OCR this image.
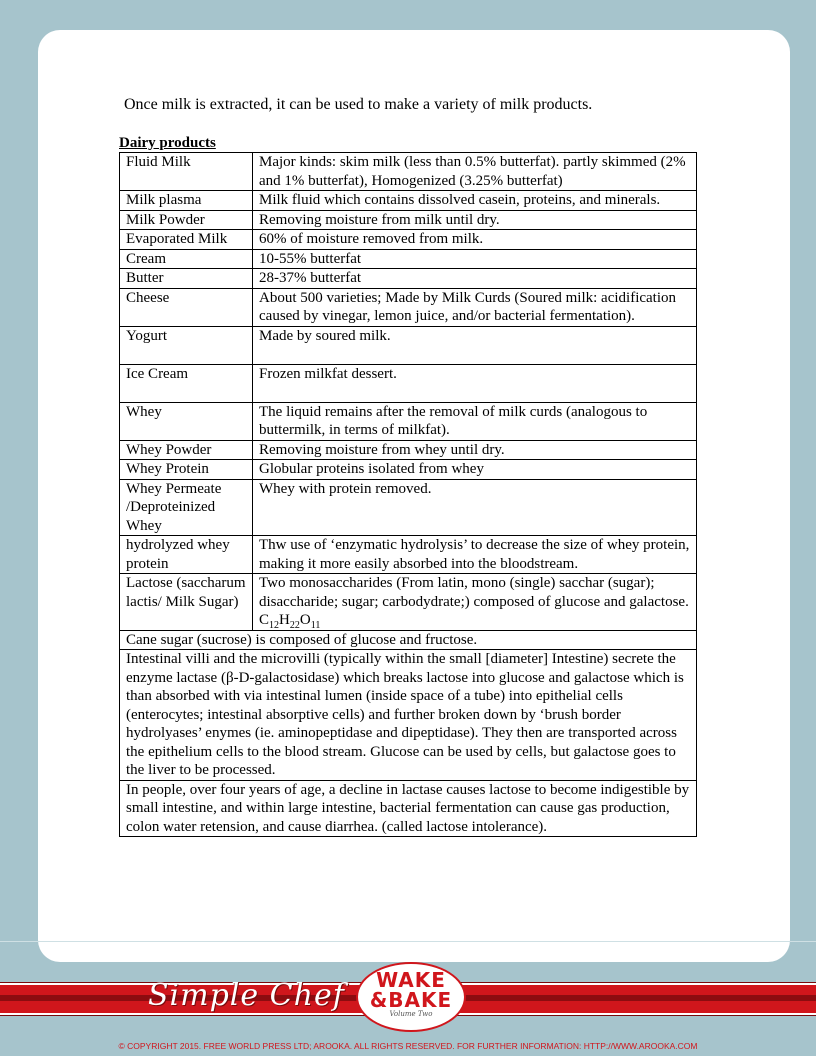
Once milk is extracted, it can be used to make a variety of milk products.

Dairy products

Fluid Milk	Major kinds: skim milk (less than 0.5% butterfat). partly skimmed (2% and 1% butterfat), Homogenized (3.25% butterfat)
Milk plasma	Milk fluid which contains dissolved casein, proteins, and minerals.
Milk Powder	Removing moisture from milk until dry.
Evaporated Milk	60% of moisture removed from milk.
Cream	10-55% butterfat
Butter	28-37% butterfat
Cheese	About 500 varieties; Made by Milk Curds (Soured milk: acidification caused by vinegar, lemon juice, and/or bacterial fermentation).
Yogurt	Made by soured milk.
Ice Cream	Frozen milkfat dessert.
Whey	The liquid remains after the removal of milk curds (analogous to buttermilk, in terms of milkfat).
Whey Powder	Removing moisture from whey until dry.
Whey Protein	Globular proteins isolated from whey
Whey Permeate /Deproteinized Whey	Whey with protein removed.
hydrolyzed whey protein	Thw use of ‘enzymatic hydrolysis’ to decrease the size of whey protein, making it more easily absorbed into the bloodstream.
Lactose (saccharum lactis/ Milk Sugar)	Two monosaccharides (From latin, mono (single) sacchar (sugar); disaccharide; sugar; carbodydrate;) composed of glucose and galactose. $C_{12}H_{22}O_{11}$
Cane sugar (sucrose) is composed of glucose and fructose.	
Intestinal villi and the microvilli (typically within the small [diameter] Intestine) secrete the enzyme lactase (β-D-galactosidase) which breaks lactose into glucose and galactose which is than absorbed with via intestinal lumen (inside space of a tube) into epithelial cells (enterocytes; intestinal absorptive cells) and further broken down by ‘brush border hydrolyases’ enymes (ie. aminopeptidase and dipeptidase). They then are transported across the epithelium cells to the blood stream. Glucose can be used by cells, but galactose goes to the liver to be processed.	
In people, over four years of age, a decline in lactase causes lactose to become indigestible by small intestine, and within large intestine, bacterial fermentation can cause gas production, colon water retension, and cause diarrhea. (called lactose intolerance).	
Simple Chef	WAKE
&BAKE
Volume Two
© COPYRIGHT 2015. FREE WORLD PRESS LTD; AROOKA. ALL RIGHTS RESERVED. FOR FURTHER INFORMATION: HTTP://WWW.AROOKA.COM
